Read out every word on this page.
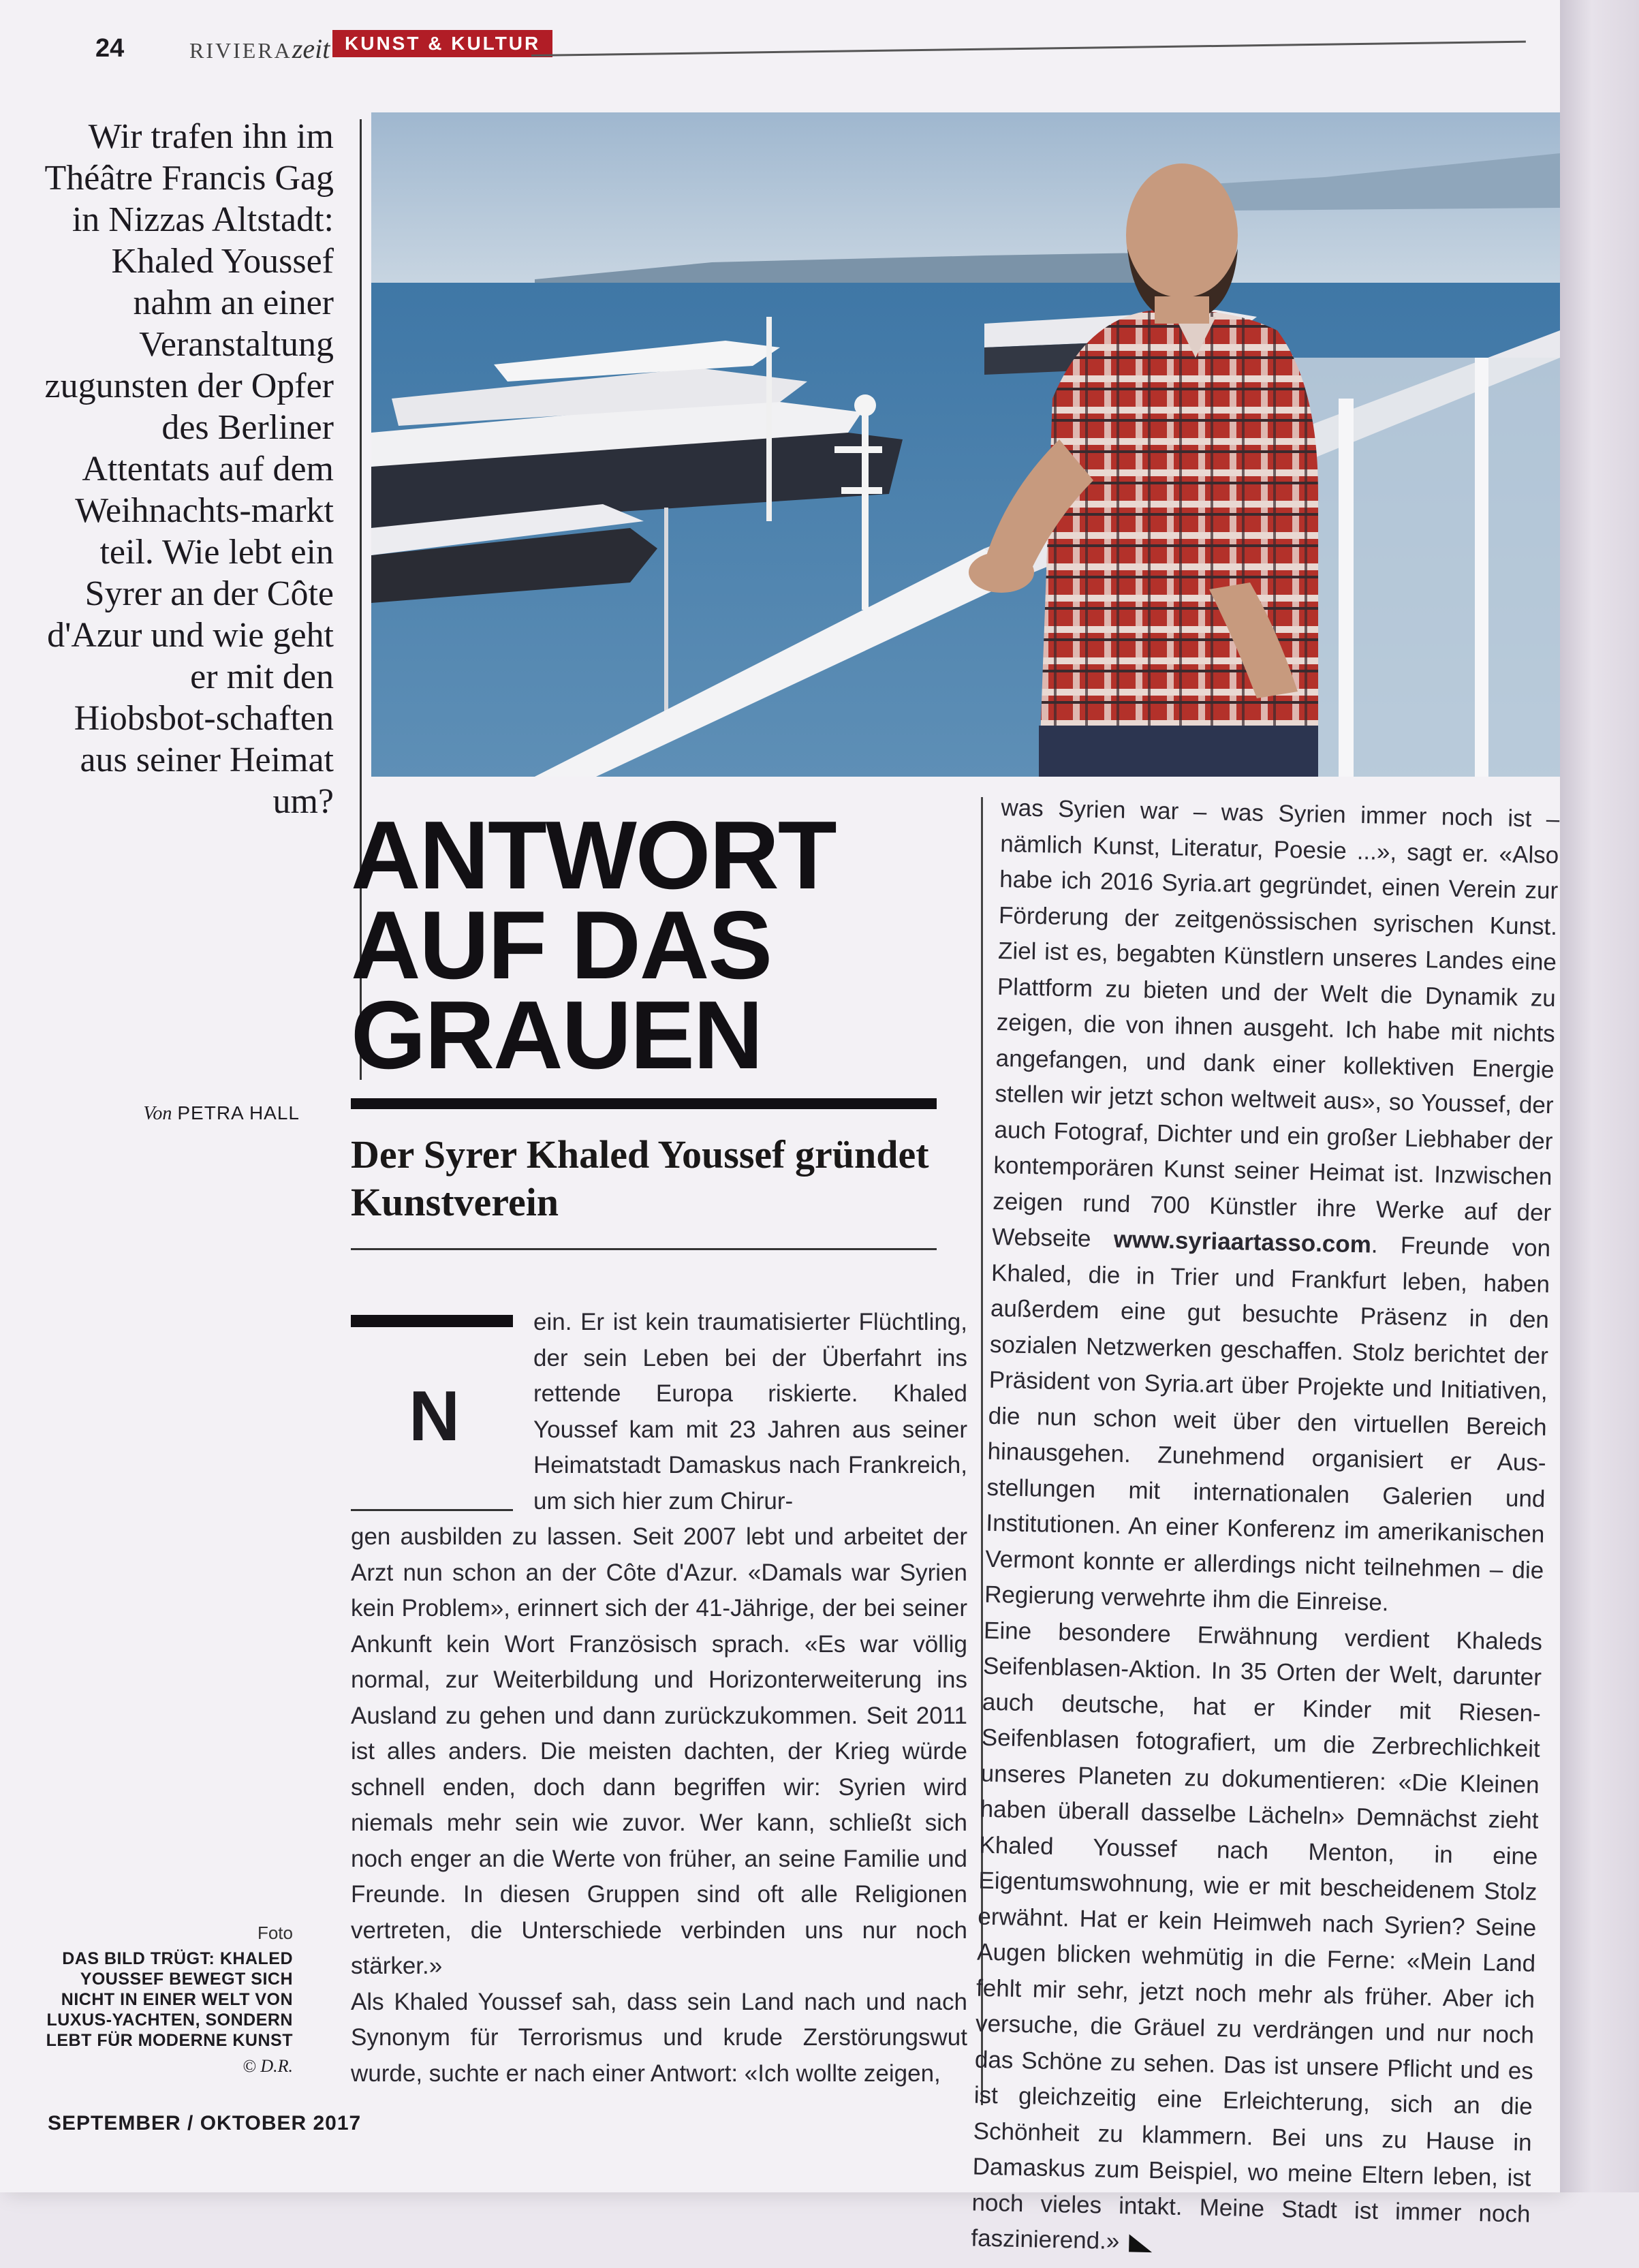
24	RIVIERAzeit KUNST & KULTUR
Wir trafen ihn im Théâtre Francis Gag in Nizzas Altstadt: Khaled Youssef nahm an einer Veranstaltung zugunsten der Opfer des Berliner Attentats auf dem Weihnachts-markt teil. Wie lebt ein Syrer an der Côte d'Azur und wie geht er mit den Hiobsbot-schaften aus seiner Heimat um?
Von PETRA HALL
ANTWORT
AUF DAS
GRAUEN
Der Syrer Khaled Youssef gründet Kunstverein
N

ein. Er ist kein traumatisierter Flüchtling, der sein Leben bei der Überfahrt ins rettende Europa riskierte. Khaled Youssef kam mit 23 Jahren aus seiner Heimatstadt Damaskus nach Frankreich, um sich hier zum Chirur-

gen ausbilden zu lassen. Seit 2007 lebt und arbeitet der Arzt nun schon an der Côte d'Azur. «Damals war Syrien kein Problem», erinnert sich der 41-Jährige, der bei seiner Ankunft kein Wort Französisch sprach. «Es war völlig normal, zur Weiterbildung und Horizonterweiterung ins Ausland zu gehen und dann zurückzukommen. Seit 2011 ist alles anders. Die meisten dachten, der Krieg würde schnell enden, doch dann begriffen wir: Syrien wird niemals mehr sein wie zuvor. Wer kann, schließt sich noch enger an die Werte von früher, an seine Familie und Freunde. In diesen Gruppen sind oft alle Religionen vertreten, die Unterschiede verbinden uns nur noch stärker.»

Als Khaled Youssef sah, dass sein Land nach und nach Synonym für Terrorismus und krude Zerstörungswut wurde, suchte er nach einer Antwort: «Ich wollte zeigen,

was Syrien war – was Syrien immer noch ist – nämlich Kunst, Literatur, Poesie ...», sagt er. «Also habe ich 2016 Syria.art gegründet, einen Verein zur Förderung der zeitgenössischen syrischen Kunst. Ziel ist es, begabten Künstlern unseres Landes eine Plattform zu bieten und der Welt die Dynamik zu zeigen, die von ihnen ausgeht. Ich habe mit nichts angefangen, und dank einer kollektiven Energie stellen wir jetzt schon weltweit aus», so Youssef, der auch Fotograf, Dichter und ein großer Liebhaber der kontemporären Kunst seiner Heimat ist. Inzwischen zeigen rund 700 Künstler ihre Werke auf der Webseite www.syriaartasso.com. Freunde von Khaled, die in Trier und Frankfurt leben, haben außerdem eine gut besuchte Präsenz in den sozialen Netzwerken geschaffen. Stolz berichtet der Präsident von Syria.art über Projekte und Initiativen, die nun schon weit über den virtuellen Bereich hinausgehen. Zunehmend organisiert er Aus-stellungen mit internationalen Galerien und Institutionen. An einer Konferenz im amerikanischen Vermont konnte er allerdings nicht teilnehmen – die Regierung verwehrte ihm die Einreise.

Eine besondere Erwähnung verdient Khaleds Seifenblasen-Aktion. In 35 Orten der Welt, darunter auch deutsche, hat er Kinder mit Riesen-Seifenblasen fotografiert, um die Zerbrechlichkeit unseres Planeten zu dokumentieren: «Die Kleinen haben überall dasselbe Lächeln» Demnächst zieht Khaled Youssef nach Menton, in eine Eigentumswohnung, wie er mit bescheidenem Stolz erwähnt. Hat er kein Heimweh nach Syrien? Seine Augen blicken wehmütig in die Ferne: «Mein Land fehlt mir sehr, jetzt noch mehr als früher. Aber ich versuche, die Gräuel zu verdrängen und nur noch das Schöne zu sehen. Das ist unsere Pflicht und es ist gleichzeitig eine Erleichterung, sich an die Schönheit zu klammern. Bei uns zu Hause in Damaskus zum Beispiel, wo meine Eltern leben, ist noch vieles intakt. Meine Stadt ist immer noch faszinierend.»

Foto
DAS BILD TRÜGT: KHALED YOUSSEF BEWEGT SICH NICHT IN EINER WELT VON LUXUS-YACHTEN, SONDERN LEBT FÜR MODERNE KUNST
© D.R.
SEPTEMBER / OKTOBER 2017
